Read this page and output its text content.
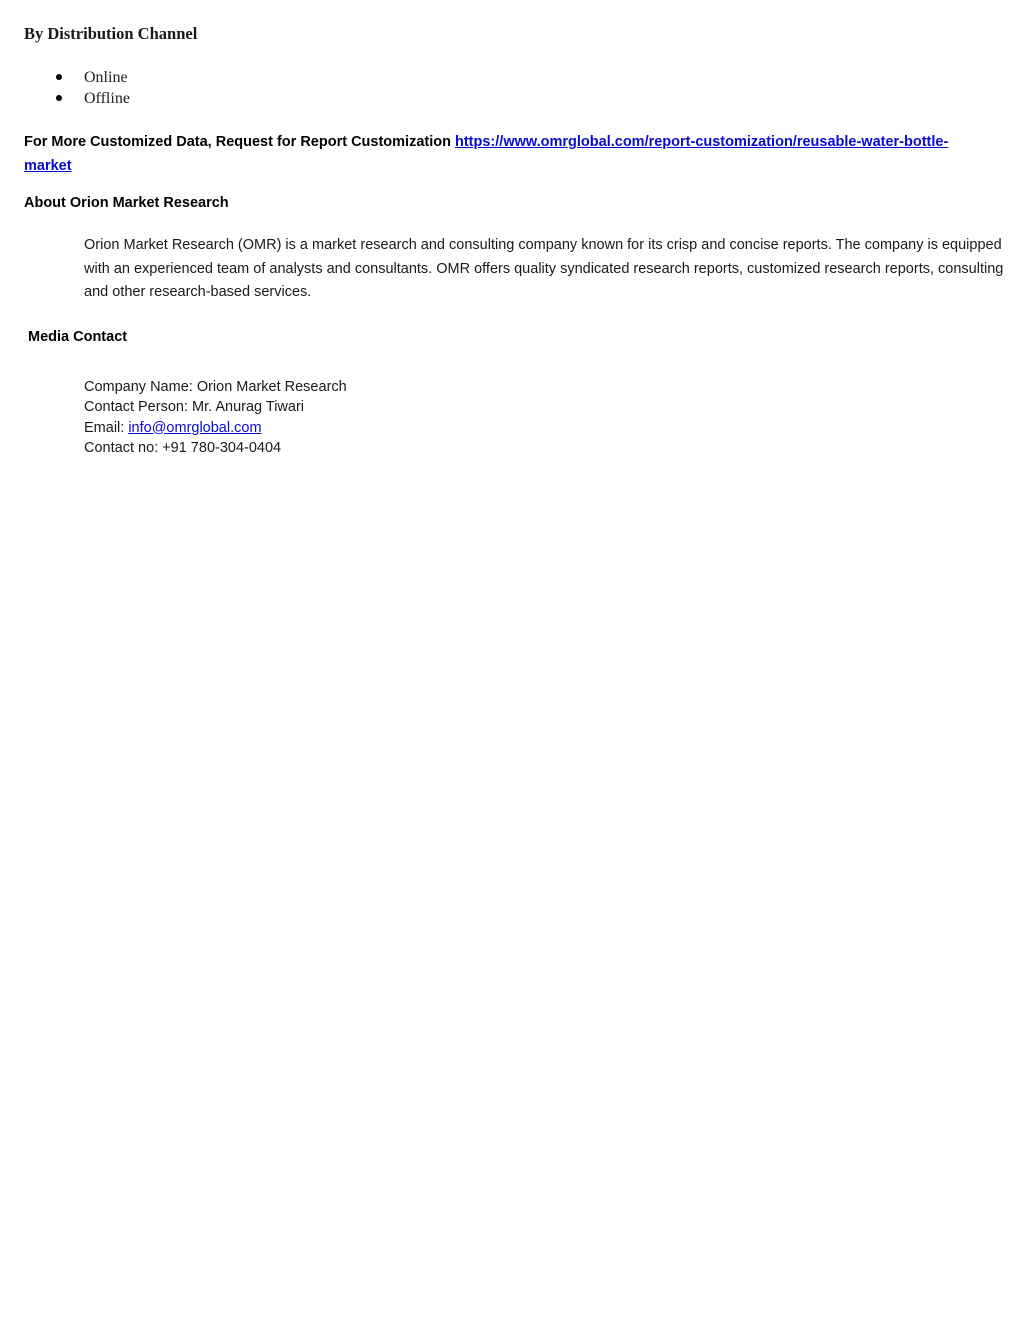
By Distribution Channel
Online
Offline

For More Customized Data, Request for Report Customization https://www.omrglobal.com/report-customization/reusable-water-bottle-market

About Orion Market Research

Orion Market Research (OMR) is a market research and consulting company known for its crisp and concise reports. The company is equipped with an experienced team of analysts and consultants. OMR offers quality syndicated research reports, customized research reports, consulting and other research-based services.

Media Contact
Company Name: Orion Market Research
Contact Person: Mr. Anurag Tiwari
Email: info@omrglobal.com
Contact no: +91 780-304-0404
